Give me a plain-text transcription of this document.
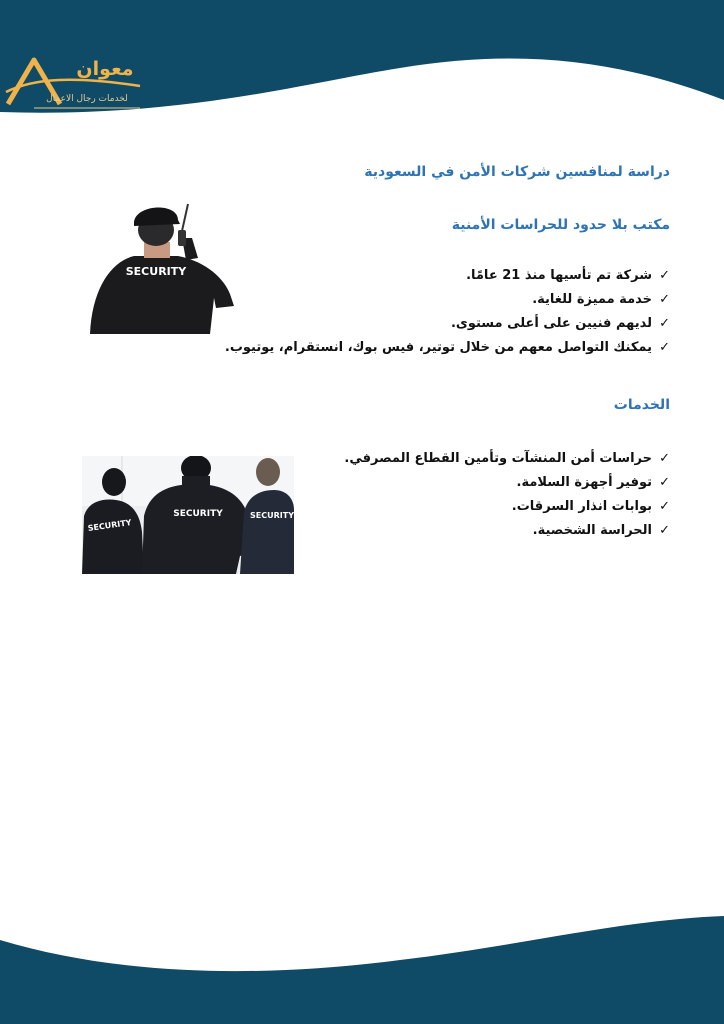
معوان
لخدمات رجال الاعمال
دراسة لمنافسين شركات الأمن في السعودية
مكتب بلا حدود للحراسات الأمنية
✓شركة تم تأسيها منذ 21 عامًا.
✓خدمة مميزة للغاية.
✓لديهم فنيين على أعلى مستوى.
✓يمكنك التواصل معهم من خلال توتير، فيس بوك، انستقرام، يوتيوب.
SECURITY
الخدمات
✓حراسات أمن المنشآت وتأمين القطاع المصرفي.
✓توفير أجهزة السلامة.
✓بوابات انذار السرقات.
✓الحراسة الشخصية.
SECURITY
SECURITY	SECURITY
